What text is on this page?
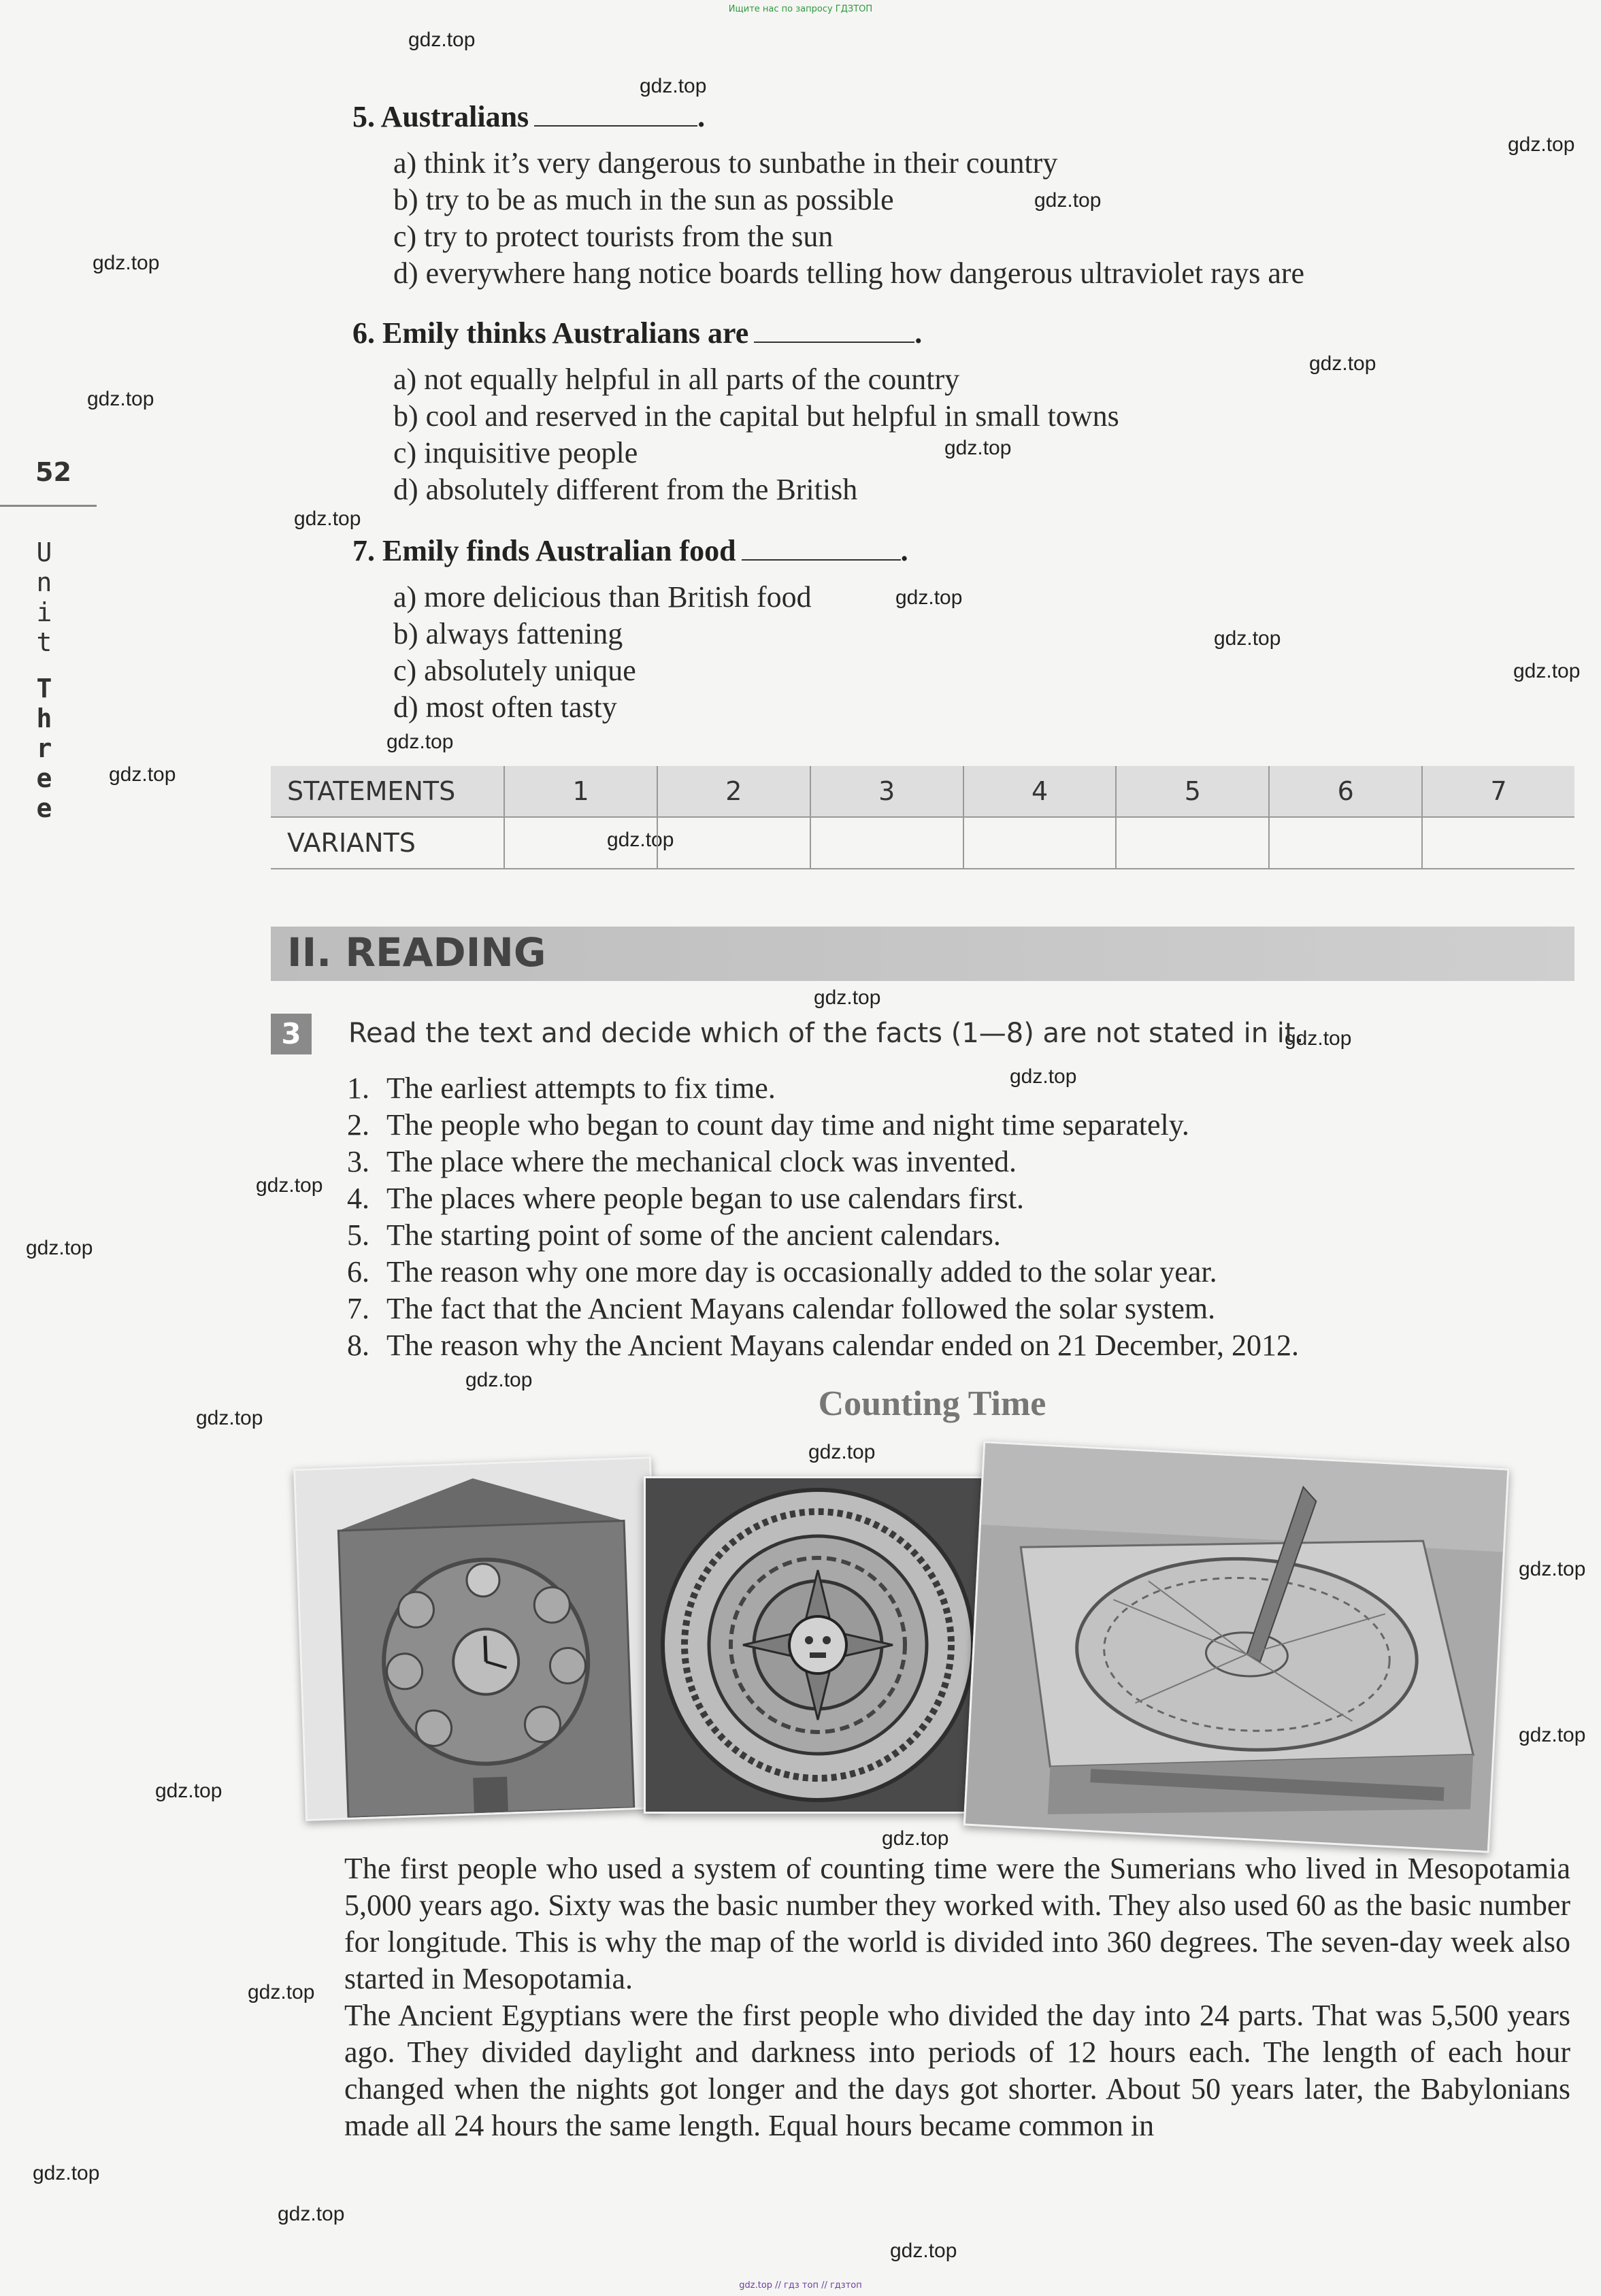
Ищите нас по запросу ГДЗТОП
gdz.top // гдз топ // гдзтоп
gdz.top
gdz.top
gdz.top
gdz.top
gdz.top
gdz.top
gdz.top
gdz.top
gdz.top
gdz.top
gdz.top
gdz.top
gdz.top
gdz.top
gdz.top
gdz.top
gdz.top
gdz.top
gdz.top
gdz.top
gdz.top
gdz.top
gdz.top
gdz.top
gdz.top
gdz.top
gdz.top
gdz.top
gdz.top
gdz.top
gdz.top
52
U
n
i
t
T
h
r
e
e
5. Australians	.
a) think it’s very dangerous to sunbathe in their country
b) try to be as much in the sun as possible
c) try to protect tourists from the sun
d) everywhere hang notice boards telling how dangerous ultraviolet rays are
6. Emily thinks Australians are	.
a) not equally helpful in all parts of the country
b) cool and reserved in the capital but helpful in small towns
c) inquisitive people
d) absolutely different from the British
7. Emily finds Australian food	.
a) more delicious than British food
b) always fattening
c) absolutely unique
d) most often tasty
STATEMENTS	1	2	3	4	5	6	7
VARIANTS							
II. READING
3	Read the text and decide which of the facts (1—8) are not stated in it.
1. The earliest attempts to fix time.
2. The people who began to count day time and night time separately.
3. The place where the mechanical clock was invented.
4. The places where people began to use calendars first.
5. The starting point of some of the ancient calendars.
6. The reason why one more day is occasionally added to the solar year.
7. The fact that the Ancient Mayans calendar followed the solar system.
8. The reason why the Ancient Mayans calendar ended on 21 December, 2012.
Counting Time
The first people who used a system of counting time were the Sumerians who lived in Mesopotamia 5,000 years ago. Sixty was the basic number they worked with. They also used 60 as the basic number for longitude. This is why the map of the world is divided into 360 degrees. The seven-day week also started in Mesopotamia.
The Ancient Egyptians were the first people who divided the day into 24 parts. That was 5,500 years ago. They divided daylight and darkness into periods of 12 hours each. The length of each hour changed when the nights got longer and the days got shorter. About 50 years later, the Babylonians made all 24 hours the same length. Equal hours became common in
